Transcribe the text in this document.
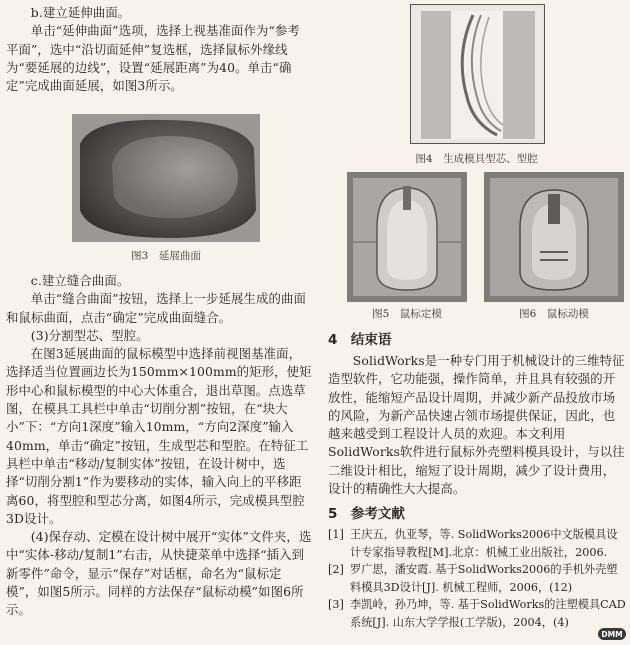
b.建立延伸曲面。

单击“延伸曲面”选项，选择上视基准面作为“参考平面”，选中“沿切面延伸”复选框，选择鼠标外缘线为“要延展的边线”，设置“延展距离”为40。单击“确定”完成曲面延展，如图3所示。

图3　延展曲面

c.建立缝合曲面。

单击“缝合曲面”按钮，选择上一步延展生成的曲面和鼠标曲面，点击“确定”完成曲面缝合。

(3)分割型芯、型腔。

在图3延展曲面的鼠标模型中选择前视图基准面，选择适当位置画边长为150mm×100mm的矩形，使矩形中心和鼠标模型的中心大体重合，退出草图。点选草图，在模具工具栏中单击“切削分割”按钮，在“块大小”下：“方向1深度”输入10mm，“方向2深度”输入40mm，单击“确定”按钮，生成型芯和型腔。在特征工具栏中单击“移动/复制实体”按钮，在设计树中，选择“切削分割1”作为要移动的实体，输入向上的平移距离60，将型腔和型芯分离，如图4所示，完成模具型腔3D设计。

(4)保存动、定模在设计树中展开“实体”文件夹，选中“实体-移动/复制1”右击，从快捷菜单中选择“插入到新零件”命令，显示“保存”对话框，命名为“鼠标定模”，如图5所示。同样的方法保存“鼠标动模”如图6所示。

图4　生成模具型芯、型腔
图5　鼠标定模	图6　鼠标动模
4　结束语

SolidWorks是一种专门用于机械设计的三维特征造型软件，它功能强，操作简单，并且具有较强的开放性，能缩短产品设计周期，并减少新产品投放市场的风险，为新产品快速占领市场提供保证，因此，也越来越受到工程设计人员的欢迎。本文利用SolidWorks软件进行鼠标外壳塑料模具设计，与以往二维设计相比，缩短了设计周期，减少了设计费用，设计的精确性大大提高。

5　参考文献
[1] 王庆五，仇亚琴，等. SolidWorks2006中文版模具设计专家指导教程[M].北京：机械工业出版社，2006.
[2] 罗广思，潘安霞. 基于SolidWorks2006的手机外壳塑料模具3D设计[J]. 机械工程师，2006，(12)
[3] 李凯岭，孙乃坤，等. 基于SolidWorks的注塑模具CAD系统[J]. 山东大学学报(工学版)，2004，(4)
DMM
